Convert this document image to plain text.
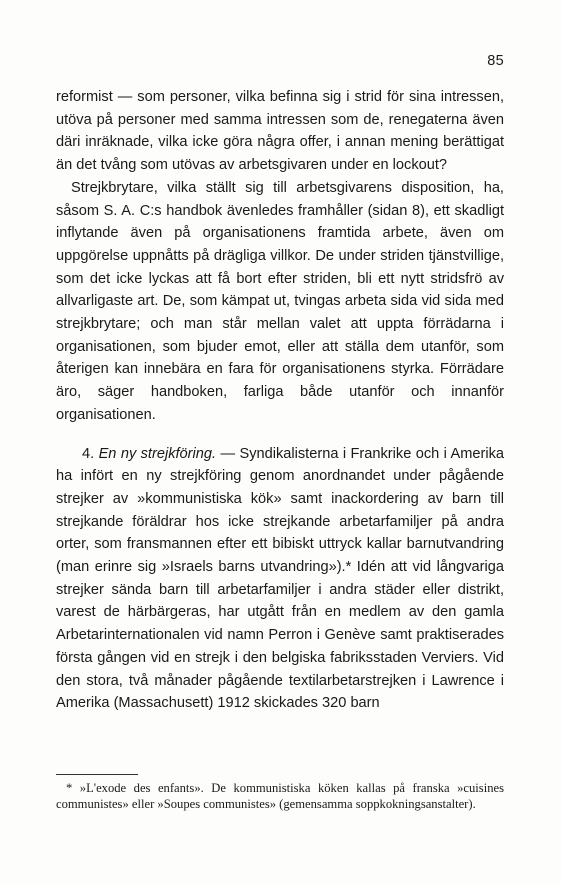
85

reformist — som personer, vilka befinna sig i strid för sina intressen, utöva på personer med samma intressen som de, renegaterna även däri inräknade, vilka icke göra några offer, i annan mening berättigat än det tvång som utövas av arbetsgivaren under en lockout?

Strejkbrytare, vilka ställt sig till arbetsgivarens disposition, ha, såsom S. A. C:s handbok ävenledes framhåller (sidan 8), ett skadligt inflytande även på organisationens framtida arbete, även om uppgörelse uppnåtts på drägliga villkor. De under striden tjänstvillige, som det icke lyckas att få bort efter striden, bli ett nytt stridsfrö av allvarligaste art. De, som kämpat ut, tvingas arbeta sida vid sida med strejkbrytare; och man står mellan valet att uppta förrädarna i organisationen, som bjuder emot, eller att ställa dem utanför, som återigen kan innebära en fara för organisationens styrka. Förrädare äro, säger handboken, farliga både utanför och innanför organisationen.

4. En ny strejkföring. — Syndikalisterna i Frankrike och i Amerika ha infört en ny strejkföring genom anordnandet under pågående strejker av »kommunistiska kök» samt inackordering av barn till strejkande föräldrar hos icke strejkande arbetarfamiljer på andra orter, som fransmannen efter ett bibiskt uttryck kallar barnutvandring (man erinre sig »Israels barns utvandring»).* Idén att vid långvariga strejker sända barn till arbetarfamiljer i andra städer eller distrikt, varest de härbärgeras, har utgått från en medlem av den gamla Arbetarinternationalen vid namn Perron i Genève samt praktiserades första gången vid en strejk i den belgiska fabriksstaden Verviers. Vid den stora, två månader pågående textilarbetarstrejken i Lawrence i Amerika (Massachusett) 1912 skickades 320 barn

* »L'exode des enfants». De kommunistiska köken kallas på franska »cuisines communistes» eller »Soupes communistes» (gemensamma soppkokningsanstalter).
